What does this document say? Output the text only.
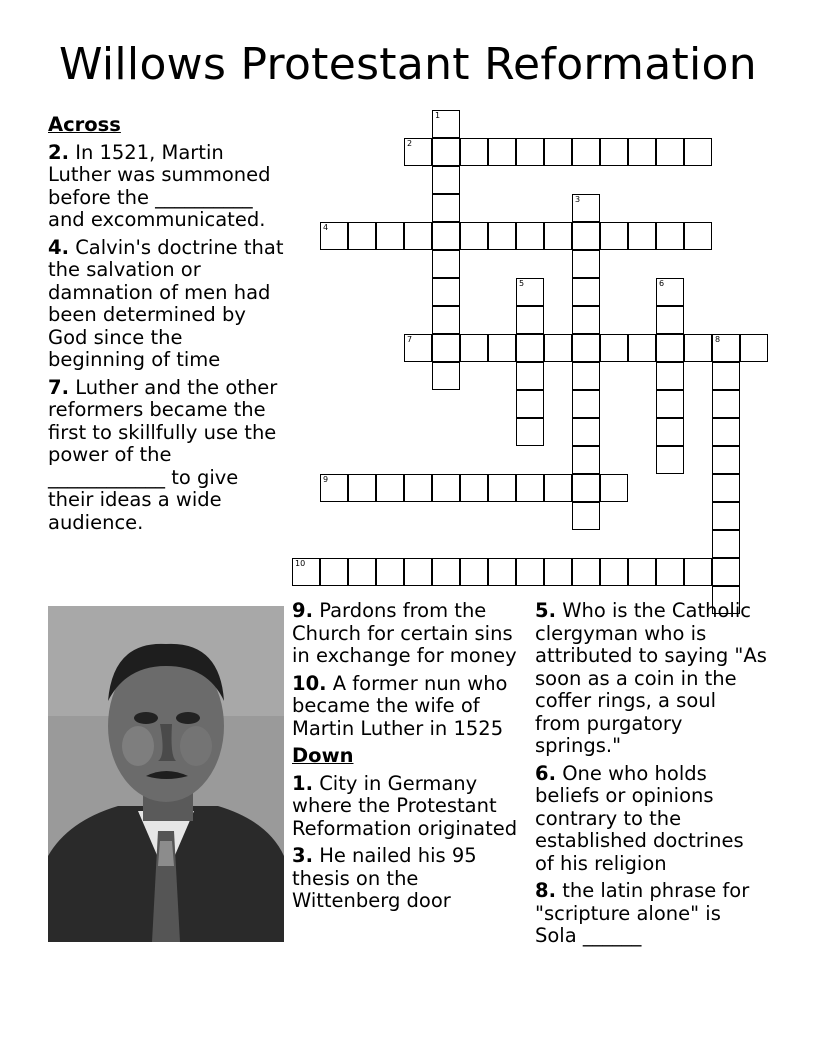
Willows Protestant Reformation
Across
2. In 1521, Martin Luther was summoned before the __________ and excommunicated.
4. Calvin's doctrine that the salvation or damnation of men had been determined by God since the beginning of time
7. Luther and the other reformers became the first to skillfully use the power of the ____________ to give their ideas a wide audience.
1
2
3
4
5	6
7	8
9
10
9. Pardons from the Church for certain sins in exchange for money
10. A former nun who became the wife of Martin Luther in 1525
Down
1. City in Germany where the Protestant Reformation originated
3. He nailed his 95 thesis on the Wittenberg door
5. Who is the Catholic clergyman who is attributed to saying "As soon as a coin in the coffer rings, a soul from purgatory springs."
6. One who holds beliefs or opinions contrary to the established doctrines of his religion
8. the latin phrase for "scripture alone" is Sola ______
